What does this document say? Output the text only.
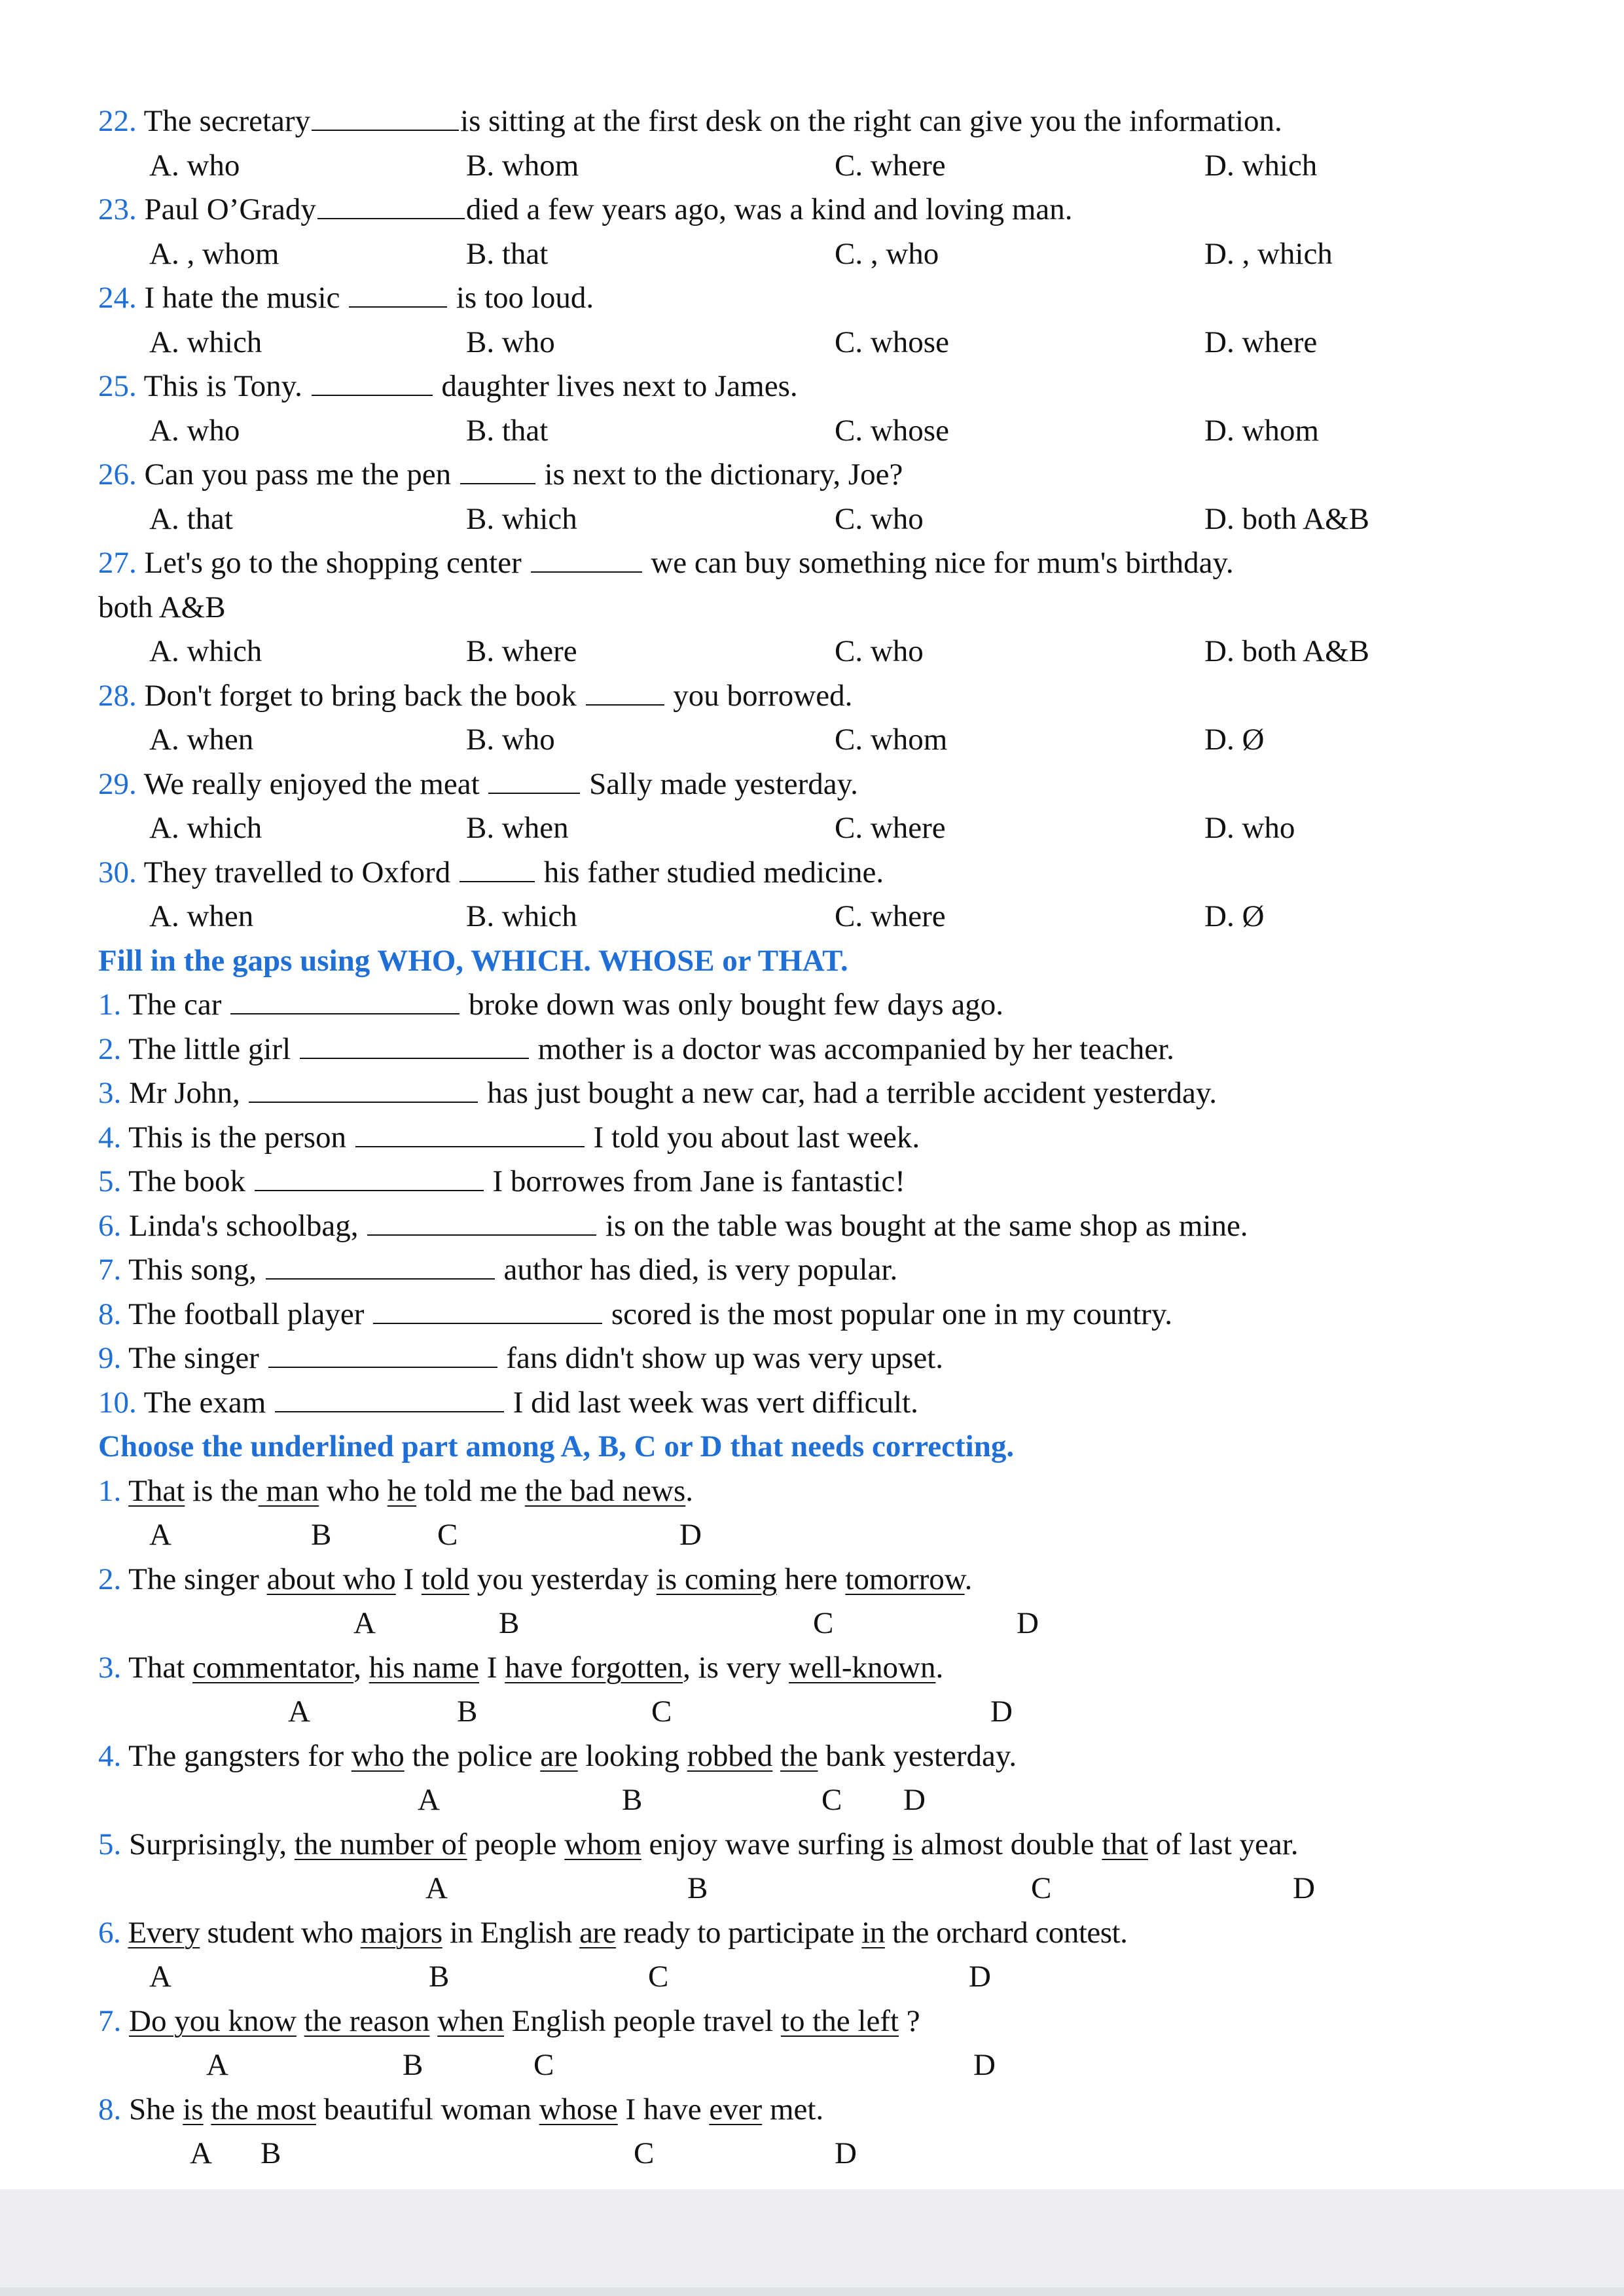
22. The secretary	is sitting at the first desk on the right can give you the information.
A. who	B. whom	C. where	D. which
23. Paul O’Grady	died a few years ago, was a kind and loving man.
A. , whom	B. that	C. , who	D. , which
24. I hate the music	is too loud.
A. which	B. who	C. whose	D. where
25. This is Tony.	daughter lives next to James.
A. who	B. that	C. whose	D. whom
26. Can you pass me the pen	is next to the dictionary, Joe?
A. that	B. which	C. who	D. both A&B
27. Let's go to the shopping center	we can buy something nice for mum's birthday.
both A&B
A. which	B. where	C. who	D. both A&B
28. Don't forget to bring back the book	you borrowed.
A. when	B. who	C. whom	D. Ø
29. We really enjoyed the meat	Sally made yesterday.
A. which	B. when	C. where	D. who
30. They travelled to Oxford	his father studied medicine.
A. when	B. which	C. where	D. Ø
Fill in the gaps using WHO, WHICH. WHOSE or THAT.
1. The car	broke down was only bought few days ago.
2. The little girl	mother is a doctor was accompanied by her teacher.
3. Mr John,	has just bought a new car, had a terrible accident yesterday.
4. This is the person	I told you about last week.
5. The book	I borrowes from Jane is fantastic!
6. Linda's schoolbag,	is on the table was bought at the same shop as mine.
7. This song,	author has died, is very popular.
8. The football player	scored is the most popular one in my country.
9. The singer	fans didn't show up was very upset.
10. The exam	I did last week was vert difficult.
Choose the underlined part among A, B, C or D that needs correcting.
1. That is the man who he told me the bad news.
A	B	C	D
2. The singer about who I told you yesterday is coming here tomorrow.
A	B	C	D
3. That commentator, his name I have forgotten, is very well-known.
A	B	C	D
4. The gangsters for who the police are looking robbed the bank yesterday.
A	B	C D
5. Surprisingly, the number of people whom enjoy wave surfing is almost double that of last year.
A	B	C	D
6. Every student who majors in English are ready to participate in the orchard contest.
A	B	C	D
7. Do you know the reason when English people travel to the left ?
A	B	C	D
8. She is the most beautiful woman whose I have ever met.
A B	C	D
